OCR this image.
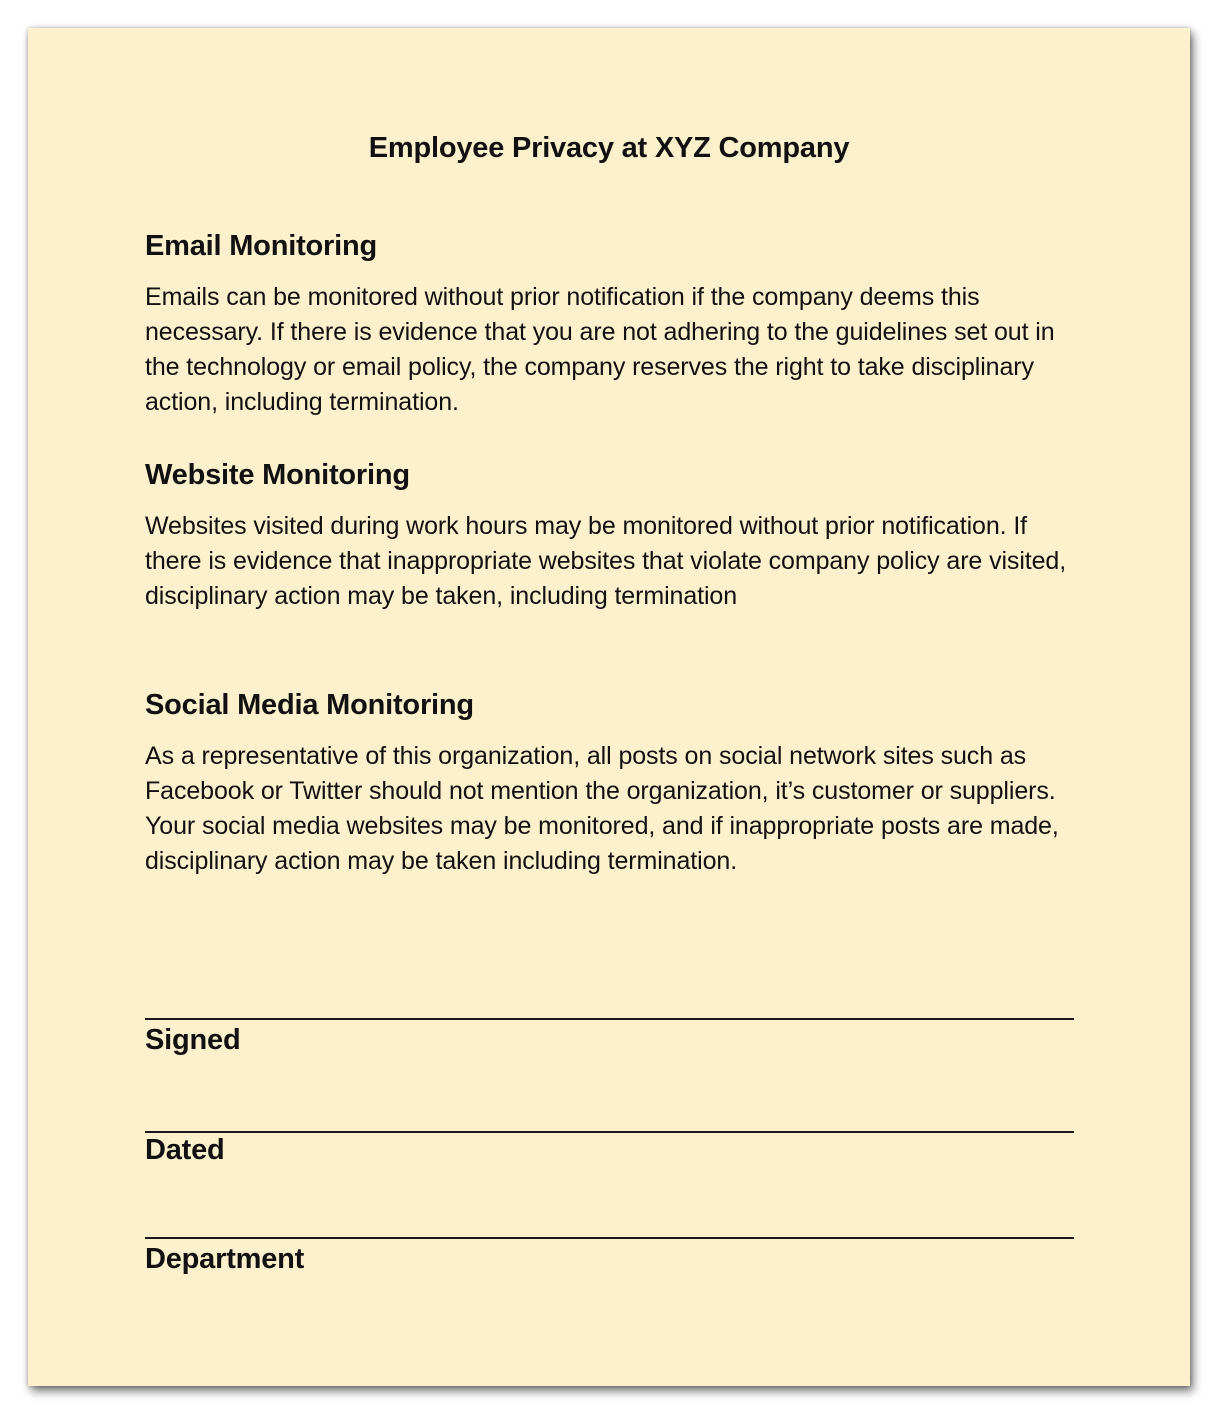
Employee Privacy at XYZ Company
Email Monitoring

Emails can be monitored without prior notification if the company deems this necessary. If there is evidence that you are not adhering to the guidelines set out in the technology or email policy, the company reserves the right to take disciplinary action, including termination.

Website Monitoring

Websites visited during work hours may be monitored without prior notification. If there is evidence that inappropriate websites that violate company policy are visited, disciplinary action may be taken, including termination

Social Media Monitoring

As a representative of this organization, all posts on social network sites such as Facebook or Twitter should not mention the organization, it’s customer or suppliers. Your social media websites may be monitored, and if inappropriate posts are made, disciplinary action may be taken including termination.

Signed
Dated
Department
